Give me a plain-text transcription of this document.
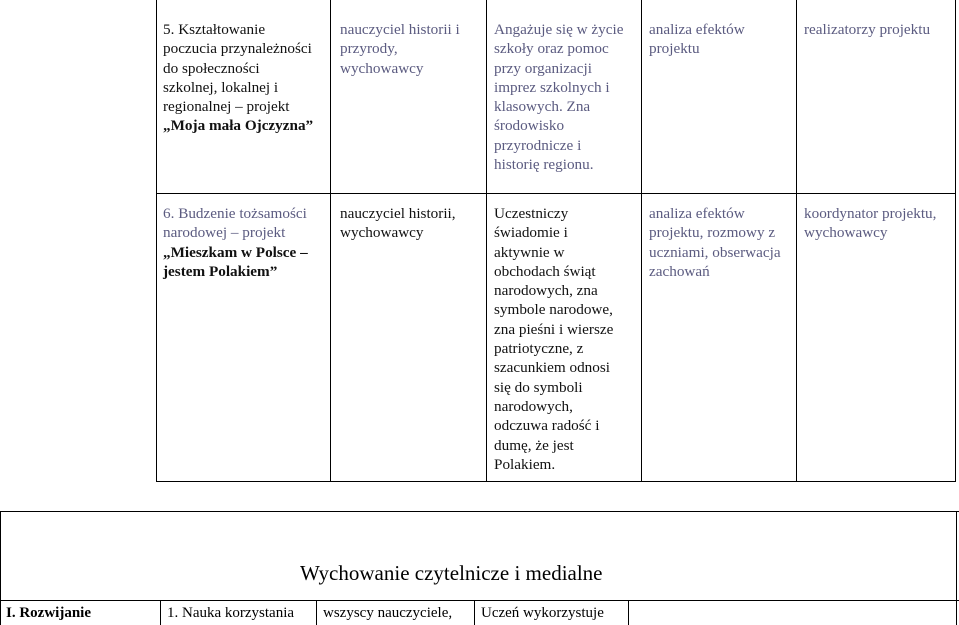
5. Kształtowanie
poczucia przynależności
do społeczności
szkolnej, lokalnej i
regionalnej – projekt
„Moja mała Ojczyzna”
nauczyciel historii i
przyrody,
wychowawcy
Angażuje się w życie
szkoły oraz pomoc
przy organizacji
imprez szkolnych i
klasowych. Zna
środowisko
przyrodnicze i
historię regionu.
analiza efektów
projektu
realizatorzy projektu
6. Budzenie tożsamości
narodowej – projekt
„Mieszkam w Polsce –
jestem Polakiem”
nauczyciel historii,
wychowawcy
Uczestniczy
świadomie i
aktywnie w
obchodach świąt
narodowych, zna
symbole narodowe,
zna pieśni i wiersze
patriotyczne, z
szacunkiem odnosi
się do symboli
narodowych,
odczuwa radość i
dumę, że jest
Polakiem.
analiza efektów
projektu, rozmowy z
uczniami, obserwacja
zachowań
koordynator projektu,
wychowawcy
Wychowanie czytelnicze i medialne
I. Rozwijanie	1. Nauka korzystania wszyscy nauczyciele, Uczeń wykorzystuje
